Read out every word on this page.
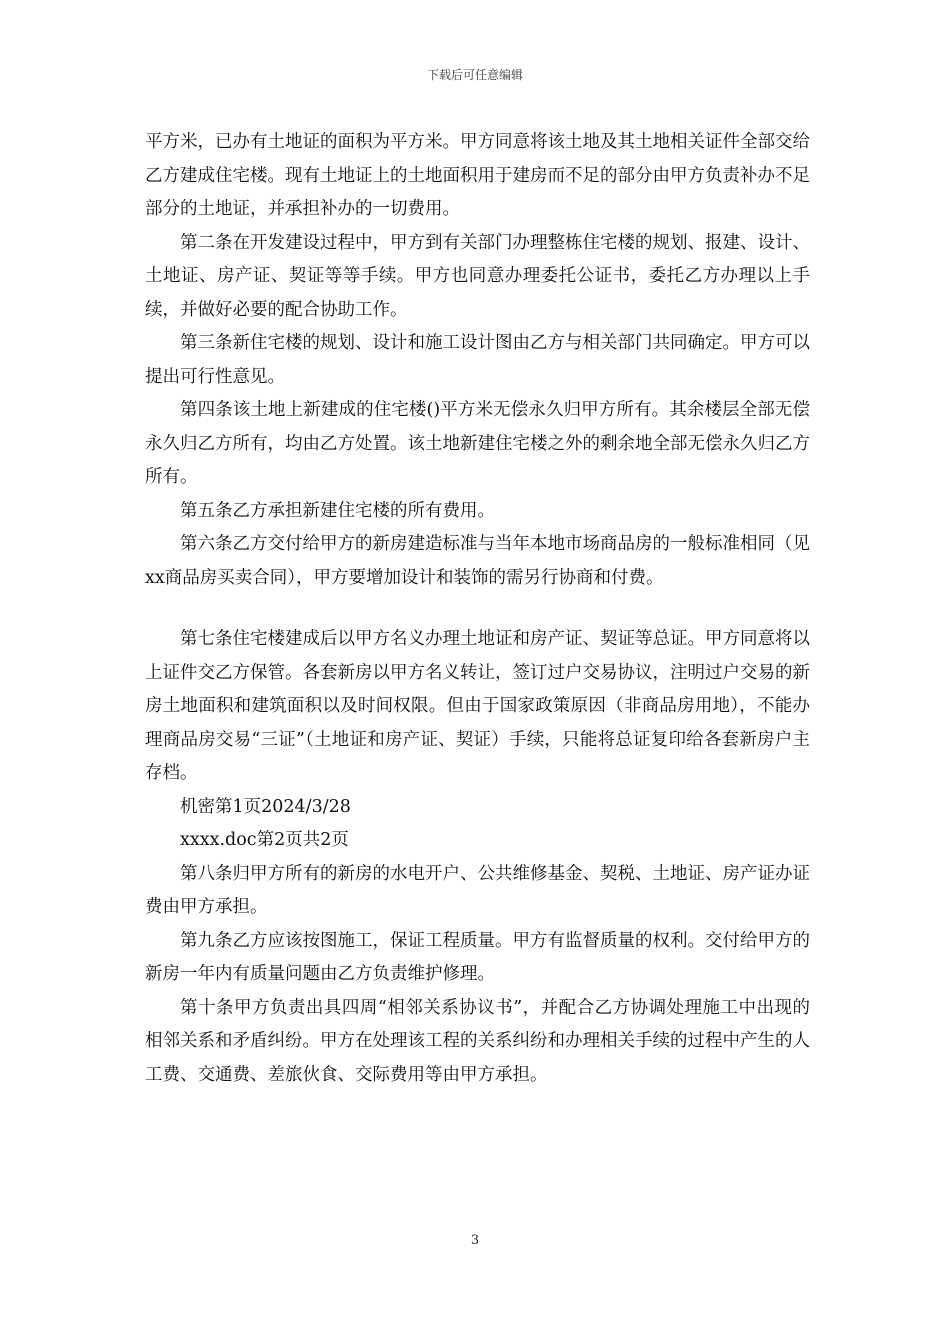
下载后可任意编辑

平方米，已办有土地证的面积为平方米。甲方同意将该土地及其土地相关证件全部交给乙方建成住宅楼。现有土地证上的土地面积用于建房而不足的部分由甲方负责补办不足部分的土地证，并承担补办的一切费用。

第二条在开发建设过程中，甲方到有关部门办理整栋住宅楼的规划、报建、设计、土地证、房产证、契证等等手续。甲方也同意办理委托公证书，委托乙方办理以上手续，并做好必要的配合协助工作。

第三条新住宅楼的规划、设计和施工设计图由乙方与相关部门共同确定。甲方可以提出可行性意见。

第四条该土地上新建成的住宅楼()平方米无偿永久归甲方所有。其余楼层全部无偿永久归乙方所有，均由乙方处置。该土地新建住宅楼之外的剩余地全部无偿永久归乙方所有。

第五条乙方承担新建住宅楼的所有费用。

第六条乙方交付给甲方的新房建造标准与当年本地市场商品房的一般标准相同（见xx商品房买卖合同），甲方要增加设计和装饰的需另行协商和付费。

第七条住宅楼建成后以甲方名义办理土地证和房产证、契证等总证。甲方同意将以上证件交乙方保管。各套新房以甲方名义转让，签订过户交易协议，注明过户交易的新房土地面积和建筑面积以及时间权限。但由于国家政策原因（非商品房用地），不能办理商品房交易“三证”（土地证和房产证、契证）手续，只能将总证复印给各套新房户主存档。

机密第1页2024/3/28

xxxx.doc第2页共2页

第八条归甲方所有的新房的水电开户、公共维修基金、契税、土地证、房产证办证费由甲方承担。

第九条乙方应该按图施工，保证工程质量。甲方有监督质量的权利。交付给甲方的新房一年内有质量问题由乙方负责维护修理。

第十条甲方负责出具四周“相邻关系协议书”，并配合乙方协调处理施工中出现的相邻关系和矛盾纠纷。甲方在处理该工程的关系纠纷和办理相关手续的过程中产生的人工费、交通费、差旅伙食、交际费用等由甲方承担。

3
